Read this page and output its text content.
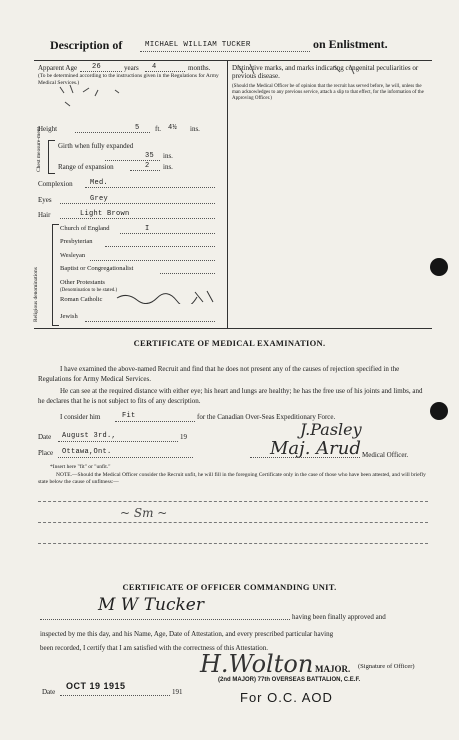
Description of	MICHAEL WILLIAM TUCKER	on Enlistment.
Apparent Age 26	years 4	months.
(To be determined according to the instructions given in the Regulations for Army Medical Services.)
Height	5 ft. 4½ ins.
Chest measure-ment	Girth when fully expanded
35 ins.
Range of expansion	2 ins.
Complexion Med.
Eyes	Grey
Hair	Light Brown
Religious denominations
Church of England	I
Presbyterian
Wesleyan
Baptist or Congregationalist
Other Protestants
(Denomination to be stated.)
Roman Catholic
Jewish
Distinctive marks, and marks indicating congenital peculiarities or previous disease.
(Should the Medical Officer be of opinion that the recruit has served before, he will, unless the man acknowledges to any previous service, attach a slip to that effect, for the information of the Approving Officer.)
CERTIFICATE OF MEDICAL EXAMINATION.
I have examined the above-named Recruit and find that he does not present any of the causes of rejection specified in the Regulations for Army Medical Services.
He can see at the required distance with either eye; his heart and lungs are healthy; he has the free use of his joints and limbs, and he declares that he is not subject to fits of any description.
I consider him	Fit	for the Canadian Over-Seas Expeditionary Force.
Date August 3rd.,	19
Place Ottawa,Ont.
J.Pasley
Maj. Arud Medical Officer.
*Insert here "fit" or "unfit."
NOTE.—Should the Medical Officer consider the Recruit unfit, he will fill in the foregoing Certificate only in the case of those who have been attested, and will briefly state below the cause of unfitness:—
~ Sm ~
CERTIFICATE OF OFFICER COMMANDING UNIT.
M W Tucker
having been finally approved and
inspected by me this day, and his Name, Age, Date of Attestation, and every prescribed particular having
been recorded, I certify that I am satisfied with the correctness of this Attestation.
H.Wolton MAJOR. (Signature of Officer)
(2nd MAJOR) 77th OVERSEAS BATTALION, C.E.F.
Date
OCT 19 1915
191	For O.C. AOD
